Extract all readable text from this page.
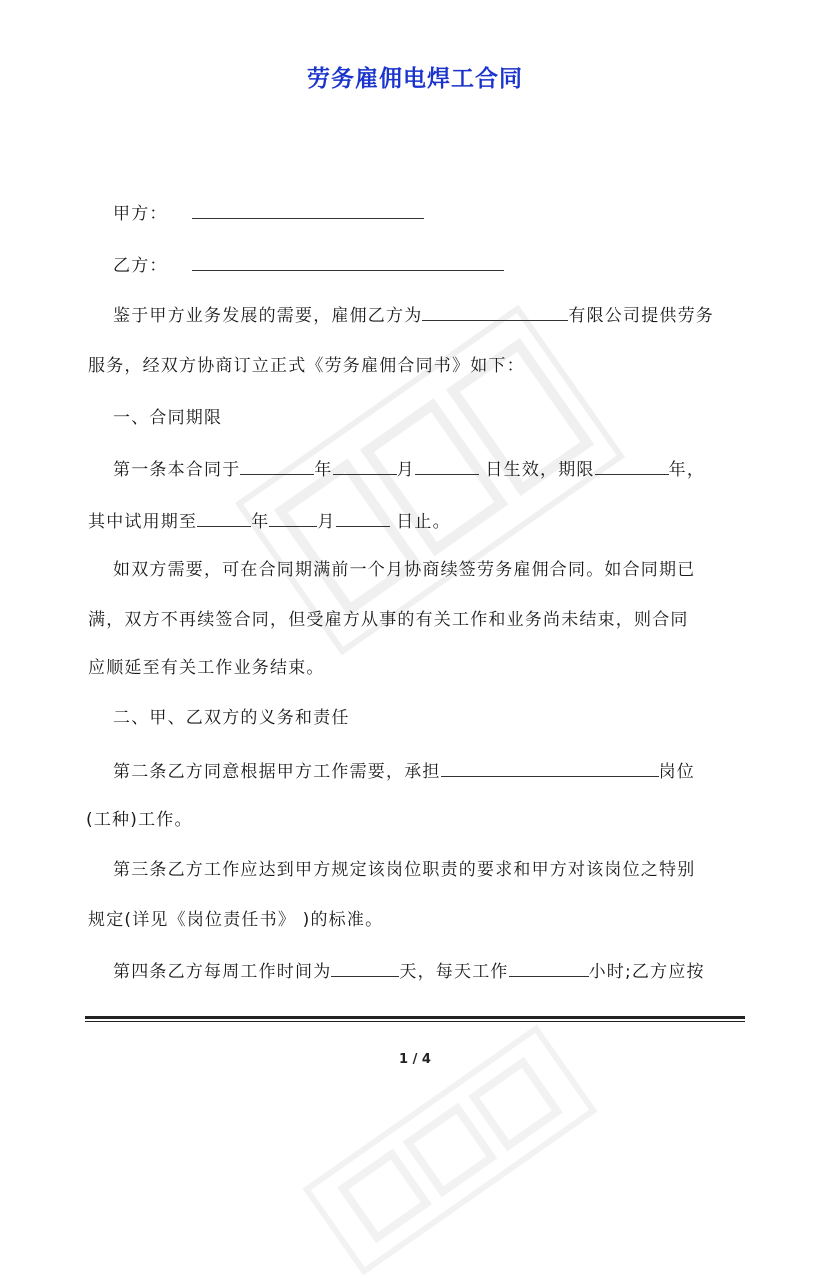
劳务雇佣电焊工合同
甲方：
乙方：
鉴于甲方业务发展的需要，雇佣乙方为	有限公司提供劳务
服务，经双方协商订立正式《劳务雇佣合同书》如下：
一、合同期限
第一条本合同于	年	月	日生效，期限	年，
其中试用期至	年	月	日止。
如双方需要，可在合同期满前一个月协商续签劳务雇佣合同。如合同期已
满，双方不再续签合同，但受雇方从事的有关工作和业务尚未结束，则合同
应顺延至有关工作业务结束。
二、甲、乙双方的义务和责任
第二条乙方同意根据甲方工作需要，承担	岗位
(工种)工作。
第三条乙方工作应达到甲方规定该岗位职责的要求和甲方对该岗位之特别
规定(详见《岗位责任书》 )的标准。
第四条乙方每周工作时间为	天，每天工作	小时;乙方应按
1 / 4
